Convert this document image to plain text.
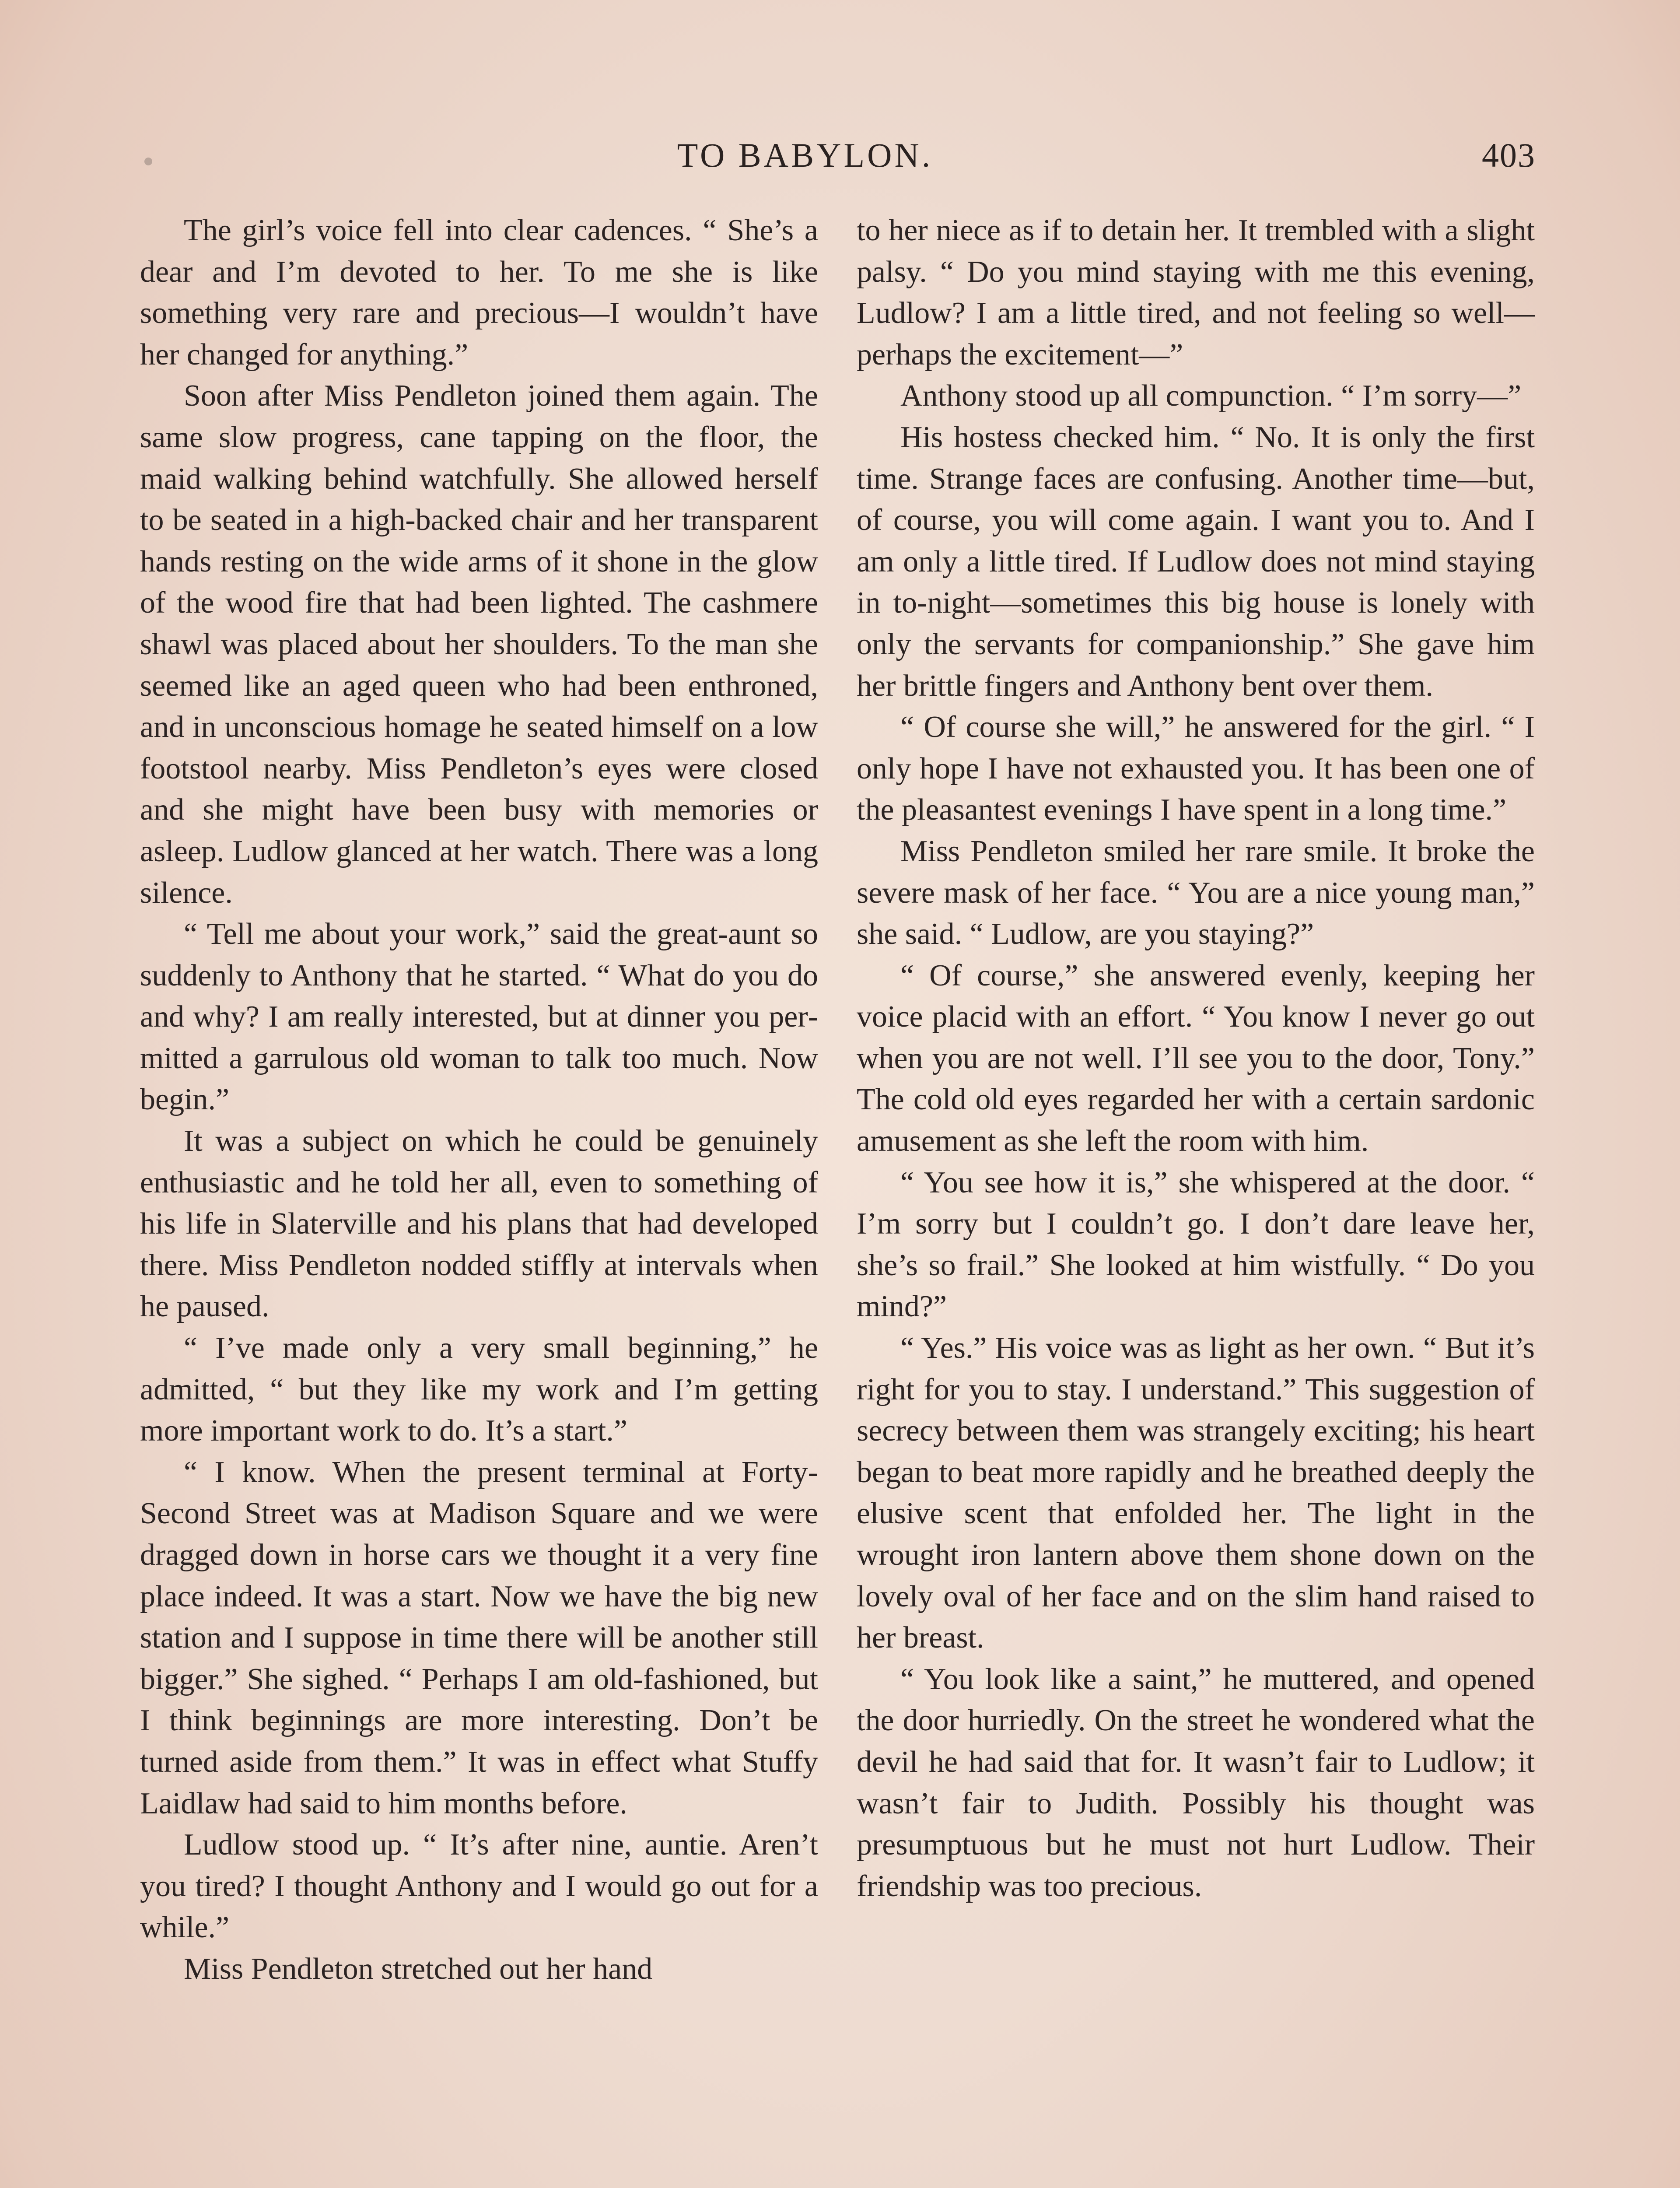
TO BABYLON.	403

The girl’s voice fell into clear cadences. “ She’s a dear and I’m devoted to her. To me she is like something very rare and precious—I wouldn’t have her changed for anything.”

Soon after Miss Pendleton joined them again. The same slow progress, cane tapping on the floor, the maid walking behind watchfully. She allowed herself to be seated in a high-backed chair and her transparent hands resting on the wide arms of it shone in the glow of the wood fire that had been lighted. The cashmere shawl was placed about her shoulders. To the man she seemed like an aged queen who had been enthroned, and in unconscious homage he seated himself on a low footstool nearby. Miss Pendleton’s eyes were closed and she might have been busy with memories or asleep. Ludlow glanced at her watch. There was a long silence.

“ Tell me about your work,” said the great-aunt so suddenly to Anthony that he started. “ What do you do and why? I am really interested, but at dinner you permitted a garrulous old woman to talk too much. Now begin.”

It was a subject on which he could be genuinely enthusiastic and he told her all, even to something of his life in Slaterville and his plans that had developed there. Miss Pendleton nodded stiffly at intervals when he paused.

“ I’ve made only a very small beginning,” he admitted, “ but they like my work and I’m getting more important work to do. It’s a start.”

“ I know. When the present terminal at Forty-Second Street was at Madison Square and we were dragged down in horse cars we thought it a very fine place indeed. It was a start. Now we have the big new station and I suppose in time there will be another still bigger.” She sighed. “ Perhaps I am old-fashioned, but I think beginnings are more interesting. Don’t be turned aside from them.” It was in effect what Stuffy Laidlaw had said to him months before.

Ludlow stood up. “ It’s after nine, auntie. Aren’t you tired? I thought Anthony and I would go out for a while.”

Miss Pendleton stretched out her hand

to her niece as if to detain her. It trembled with a slight palsy. “ Do you mind staying with me this evening, Ludlow? I am a little tired, and not feeling so well—perhaps the excitement—”

Anthony stood up all compunction. “ I’m sorry—”

His hostess checked him. “ No. It is only the first time. Strange faces are confusing. Another time—but, of course, you will come again. I want you to. And I am only a little tired. If Ludlow does not mind staying in to-night—sometimes this big house is lonely with only the servants for companionship.” She gave him her brittle fingers and Anthony bent over them.

“ Of course she will,” he answered for the girl. “ I only hope I have not exhausted you. It has been one of the pleasantest evenings I have spent in a long time.”

Miss Pendleton smiled her rare smile. It broke the severe mask of her face. “ You are a nice young man,” she said. “ Ludlow, are you staying?”

“ Of course,” she answered evenly, keeping her voice placid with an effort. “ You know I never go out when you are not well. I’ll see you to the door, Tony.” The cold old eyes regarded her with a certain sardonic amusement as she left the room with him.

“ You see how it is,” she whispered at the door. “ I’m sorry but I couldn’t go. I don’t dare leave her, she’s so frail.” She looked at him wistfully. “ Do you mind?”

“ Yes.” His voice was as light as her own. “ But it’s right for you to stay. I understand.” This suggestion of secrecy between them was strangely exciting; his heart began to beat more rapidly and he breathed deeply the elusive scent that enfolded her. The light in the wrought iron lantern above them shone down on the lovely oval of her face and on the slim hand raised to her breast.

“ You look like a saint,” he muttered, and opened the door hurriedly. On the street he wondered what the devil he had said that for. It wasn’t fair to Ludlow; it wasn’t fair to Judith. Possibly his thought was presumptuous but he must not hurt Ludlow. Their friendship was too precious.
